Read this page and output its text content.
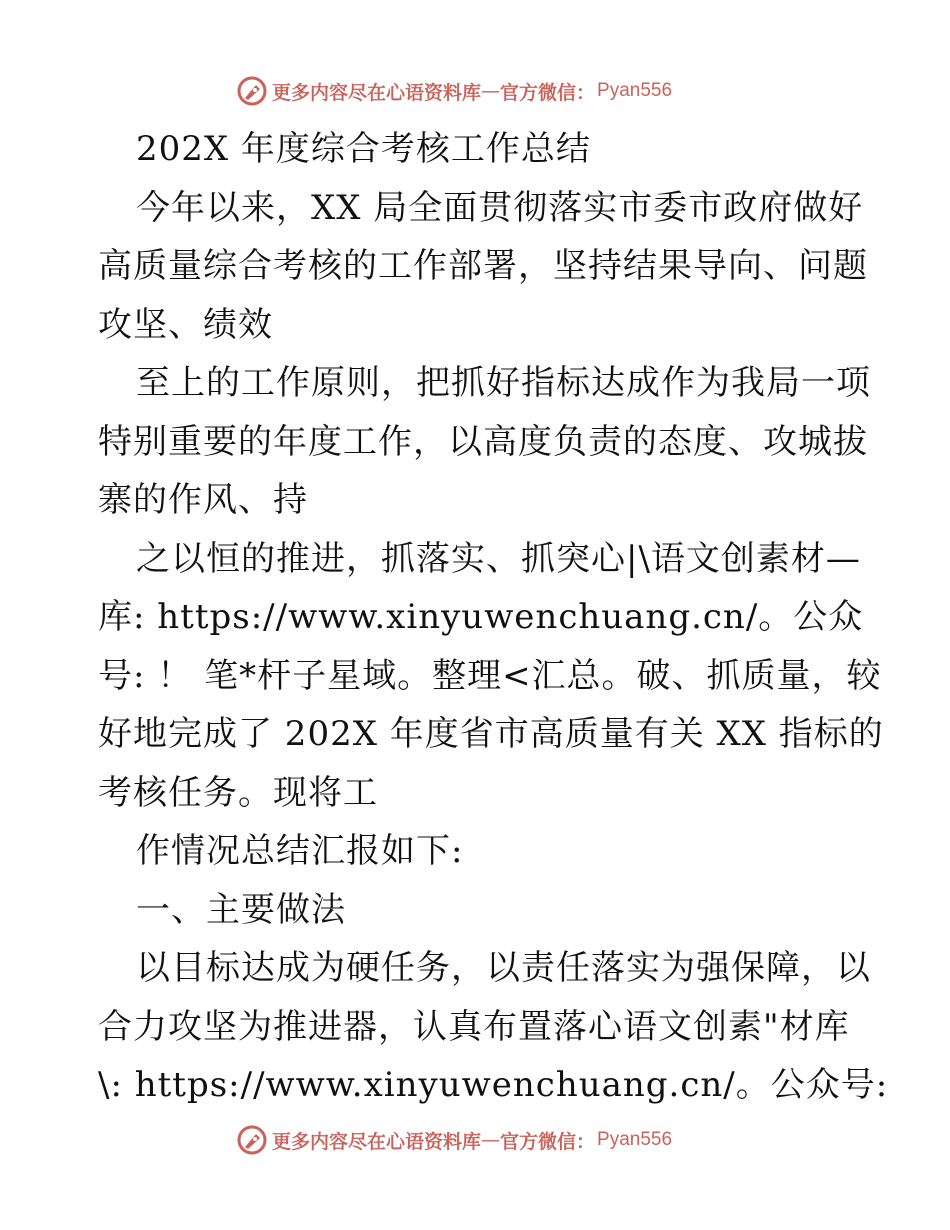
更多内容尽在心语资料库 — 官方微信： Pyan556
202X 年度综合考核工作总结
今年以来，XX 局全面贯彻落实市委市政府做好
高质量综合考核的工作部署，坚持结果导向、问题
攻坚、绩效
至上的工作原则，把抓好指标达成作为我局一项
特别重要的年度工作，以高度负责的态度、攻城拔
寨的作风、持
之以恒的推进，抓落实、抓突心|\语文创素材—
库: https://www.xinyuwenchuang.cn/。公众
号: ！ 笔*杆子星域。整理<汇总。破、抓质量，较
好地完成了 202X 年度省市高质量有关 XX 指标的
考核任务。现将工
作情况总结汇报如下:
一、主要做法
以目标达成为硬任务，以责任落实为强保障，以
合力攻坚为推进器，认真布置落心语文创素"材库
\: https://www.xinyuwenchuang.cn/。公众号:
更多内容尽在心语资料库 — 官方微信： Pyan556
